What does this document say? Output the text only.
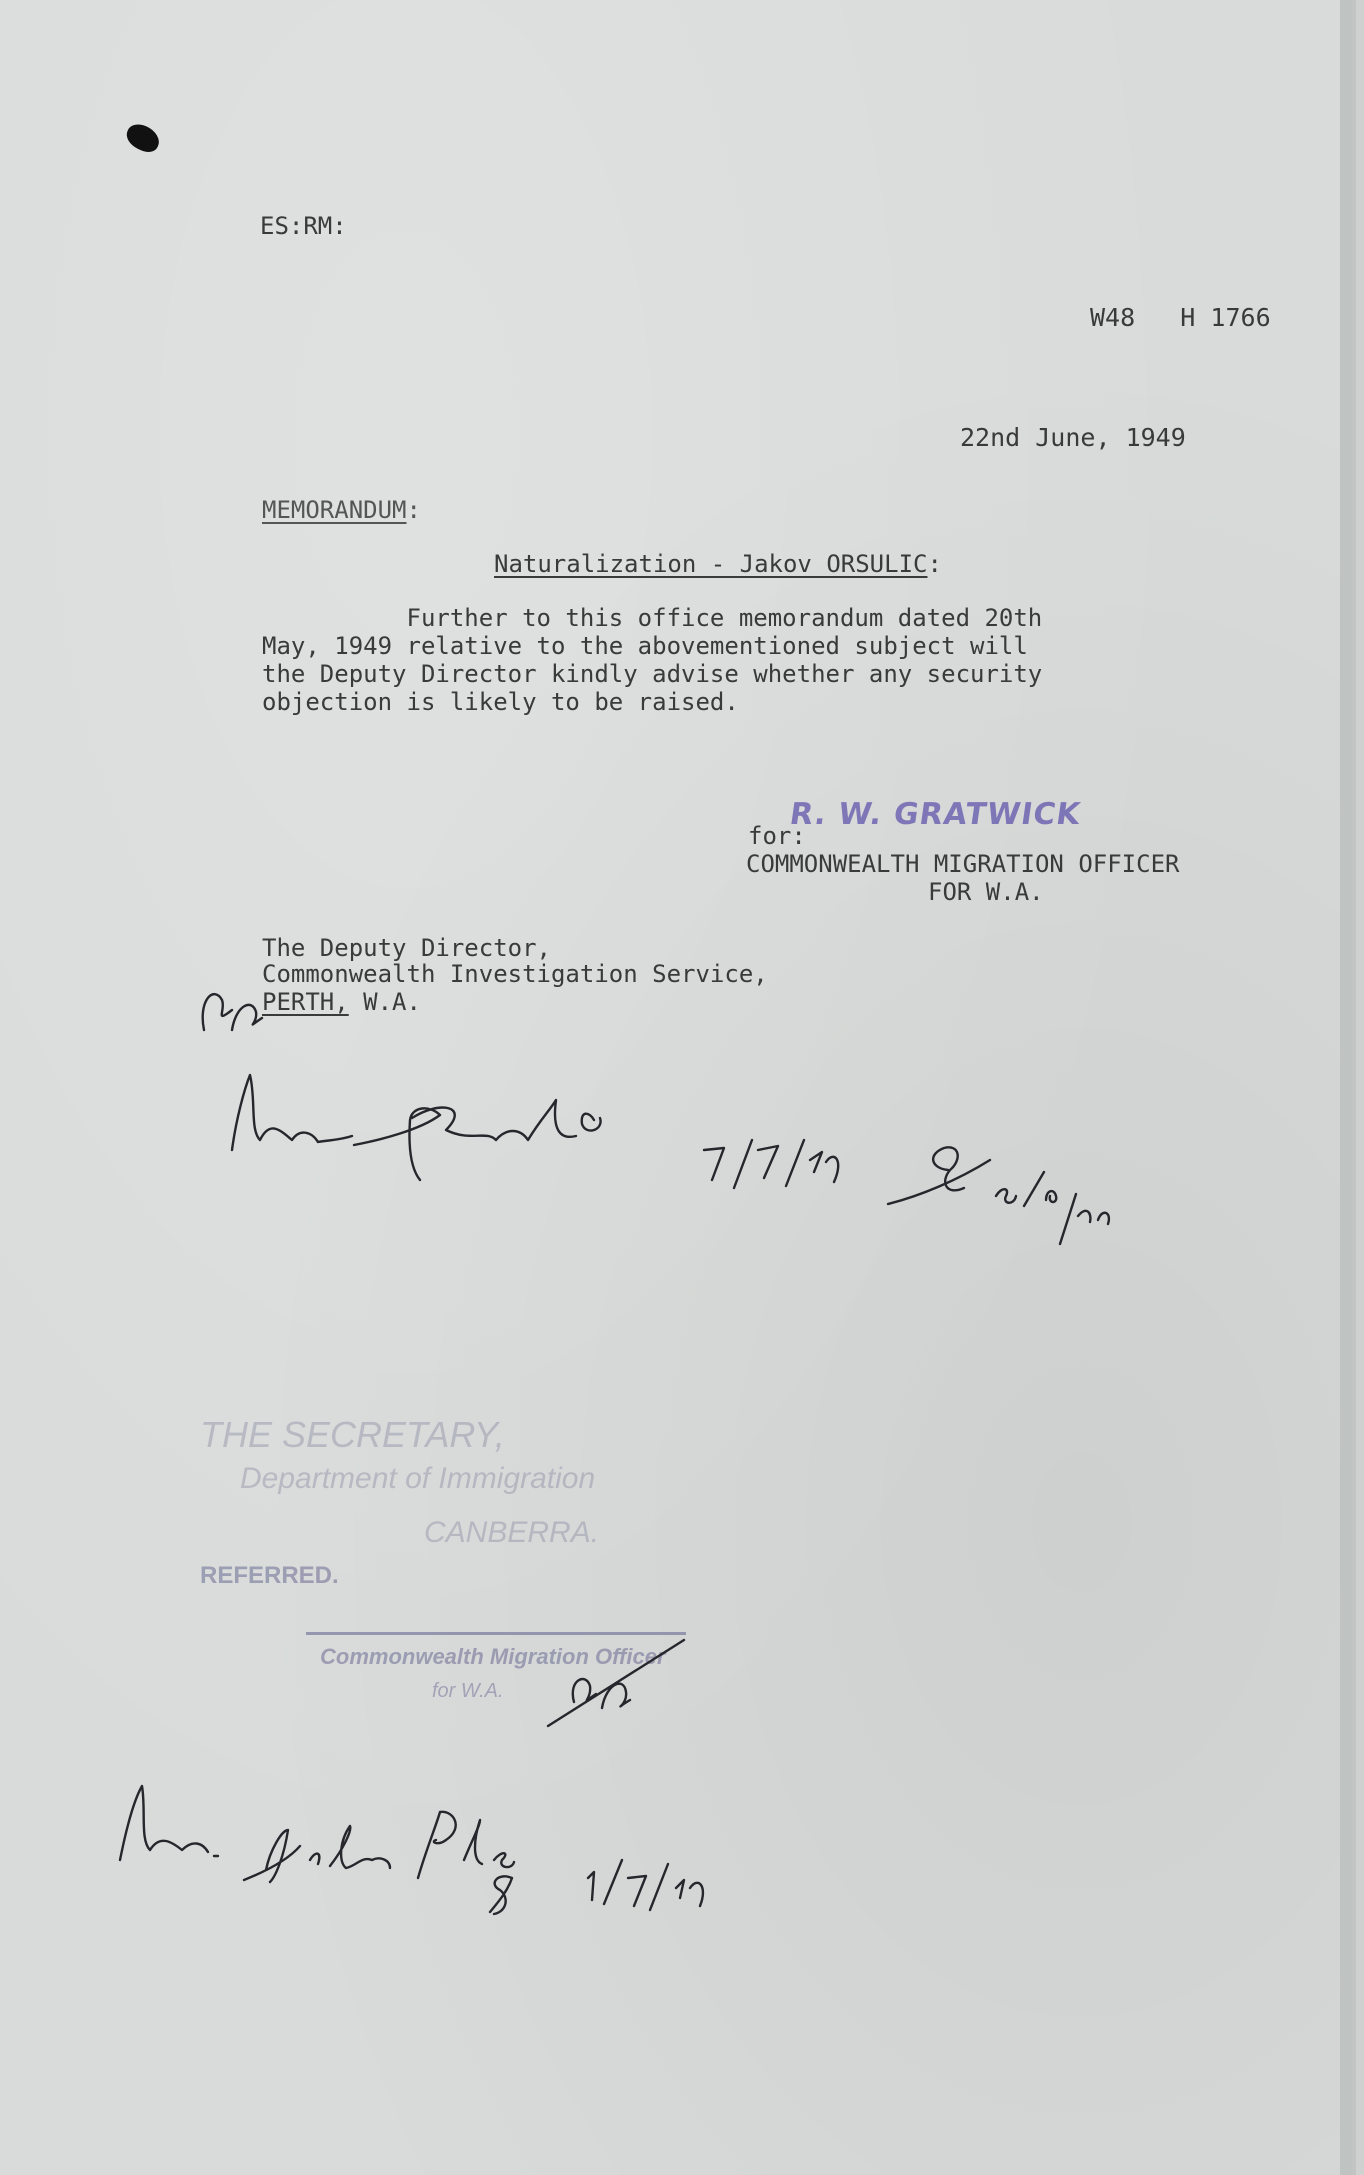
ES:RM:
W48   H 1766
22nd June, 1949
MEMORANDUM:
Naturalization - Jakov ORSULIC:
Further to this office memorandum dated 20th
May, 1949 relative to the abovementioned subject will
the Deputy Director kindly advise whether any security
objection is likely to be raised.
R. W. GRATWICK
for:
COMMONWEALTH MIGRATION OFFICER
FOR W.A.
The Deputy Director,
Commonwealth Investigation Service,
PERTH, W.A.
THE SECRETARY,
Department of Immigration
CANBERRA.
REFERRED.
Commonwealth Migration Officer
for W.A.
